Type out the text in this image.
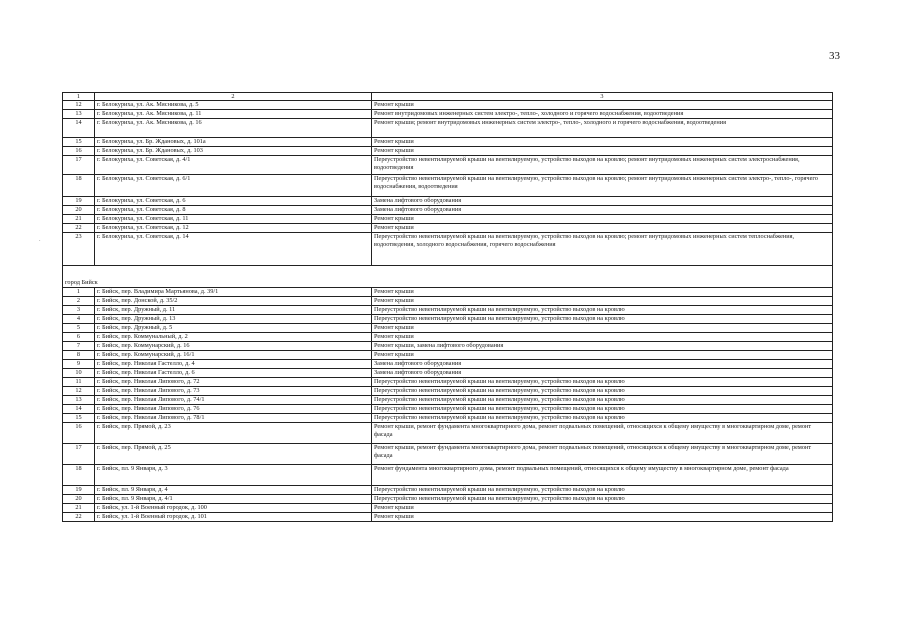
33
·
1	2	3
12	г. Белокуриха, ул. Ак. Мясникова, д. 5	Ремонт крыши
13	г. Белокуриха, ул. Ак. Мясникова, д. 11	Ремонт внутридомовых инженерных систем электро-, тепло-, холодного и горячего водоснабжения, водоотведения
14	г. Белокуриха, ул. Ак. Мясникова, д. 16	Ремонт крыши; ремонт внутридомовых инженерных систем электро-, тепло-, холодного и горячего водоснабжения, водоотведения
15	г. Белокуриха, ул. Бр. Ждановых, д. 101а	Ремонт крыши
16	г. Белокуриха, ул. Бр. Ждановых, д. 103	Ремонт крыши
17	г. Белокуриха, ул. Советская, д. 4/1	Переустройство невентилируемой крыши на вентилируемую, устройство выходов на кровлю; ремонт внутридомовых инженерных систем электроснабжения, водоотведения
18	г. Белокуриха, ул. Советская, д. 6/1	Переустройство невентилируемой крыши на вентилируемую, устройство выходов на кровлю; ремонт внутридомовых инженерных систем электро-, тепло-, горячего водоснабжения, водоотведения
19	г. Белокуриха, ул. Советская, д. 6	Замена лифтового оборудования
20	г. Белокуриха, ул. Советская, д. 8	Замена лифтового оборудования
21	г. Белокуриха, ул. Советская, д. 11	Ремонт крыши
22	г. Белокуриха, ул. Советская, д. 12	Ремонт крыши
23	г. Белокуриха, ул. Советская, д. 14	Переустройство невентилируемой крыши на вентилируемую, устройство выходов на кровлю; ремонт внутридомовых инженерных систем теплоснабжения, водоотведения, холодного водоснабжения, горячего водоснабжения
город Бийск		
1	г. Бийск, пер. Владимира Мартьянова, д. 39/1	Ремонт крыши
2	г. Бийск, пер. Донской, д. 35/2	Ремонт крыши
3	г. Бийск, пер. Дружный, д. 11	Переустройство невентилируемой крыши на вентилируемую, устройство выходов на кровлю
4	г. Бийск, пер. Дружный, д. 13	Переустройство невентилируемой крыши на вентилируемую, устройство выходов на кровлю
5	г. Бийск, пер. Дружный, д. 5	Ремонт крыши
6	г. Бийск, пер. Коммунальный, д. 2	Ремонт крыши
7	г. Бийск, пер. Коммунарский, д. 16	Ремонт крыши, замена лифтового оборудования
8	г. Бийск, пер. Коммунарский, д. 16/1	Ремонт крыши
9	г. Бийск, пер. Николая Гастелло, д. 4	Замена лифтового оборудования
10	г. Бийск, пер. Николая Гастелло, д. 6	Замена лифтового оборудования
11	г. Бийск, пер. Николая Липового, д. 72	Переустройство невентилируемой крыши на вентилируемую, устройство выходов на кровлю
12	г. Бийск, пер. Николая Липового, д. 73	Переустройство невентилируемой крыши на вентилируемую, устройство выходов на кровлю
13	г. Бийск, пер. Николая Липового, д. 74/1	Переустройство невентилируемой крыши на вентилируемую, устройство выходов на кровлю
14	г. Бийск, пер. Николая Липового, д. 76	Переустройство невентилируемой крыши на вентилируемую, устройство выходов на кровлю
15	г. Бийск, пер. Николая Липового, д. 78/1	Переустройство невентилируемой крыши на вентилируемую, устройство выходов на кровлю
16	г. Бийск, пер. Прямой, д. 23	Ремонт крыши, ремонт фундамента многоквартирного дома, ремонт подвальных помещений, относящихся к общему имуществу в многоквартирном доме, ремонт фасада
17	г. Бийск, пер. Прямой, д. 25	Ремонт крыши, ремонт фундамента многоквартирного дома, ремонт подвальных помещений, относящихся к общему имуществу в многоквартирном доме, ремонт фасада
18	г. Бийск, пл. 9 Января, д. 3	Ремонт фундамента многоквартирного дома, ремонт подвальных помещений, относящихся к общему имуществу в многоквартирном доме, ремонт фасада
19	г. Бийск, пл. 9 Января, д. 4	Переустройство невентилируемой крыши на вентилируемую, устройство выходов на кровлю
20	г. Бийск, пл. 9 Января, д. 4/1	Переустройство невентилируемой крыши на вентилируемую, устройство выходов на кровлю
21	г. Бийск, ул. 1-й Военный городок, д. 100	Ремонт крыши
22	г. Бийск, ул. 1-й Военный городок, д. 101	Ремонт крыши
